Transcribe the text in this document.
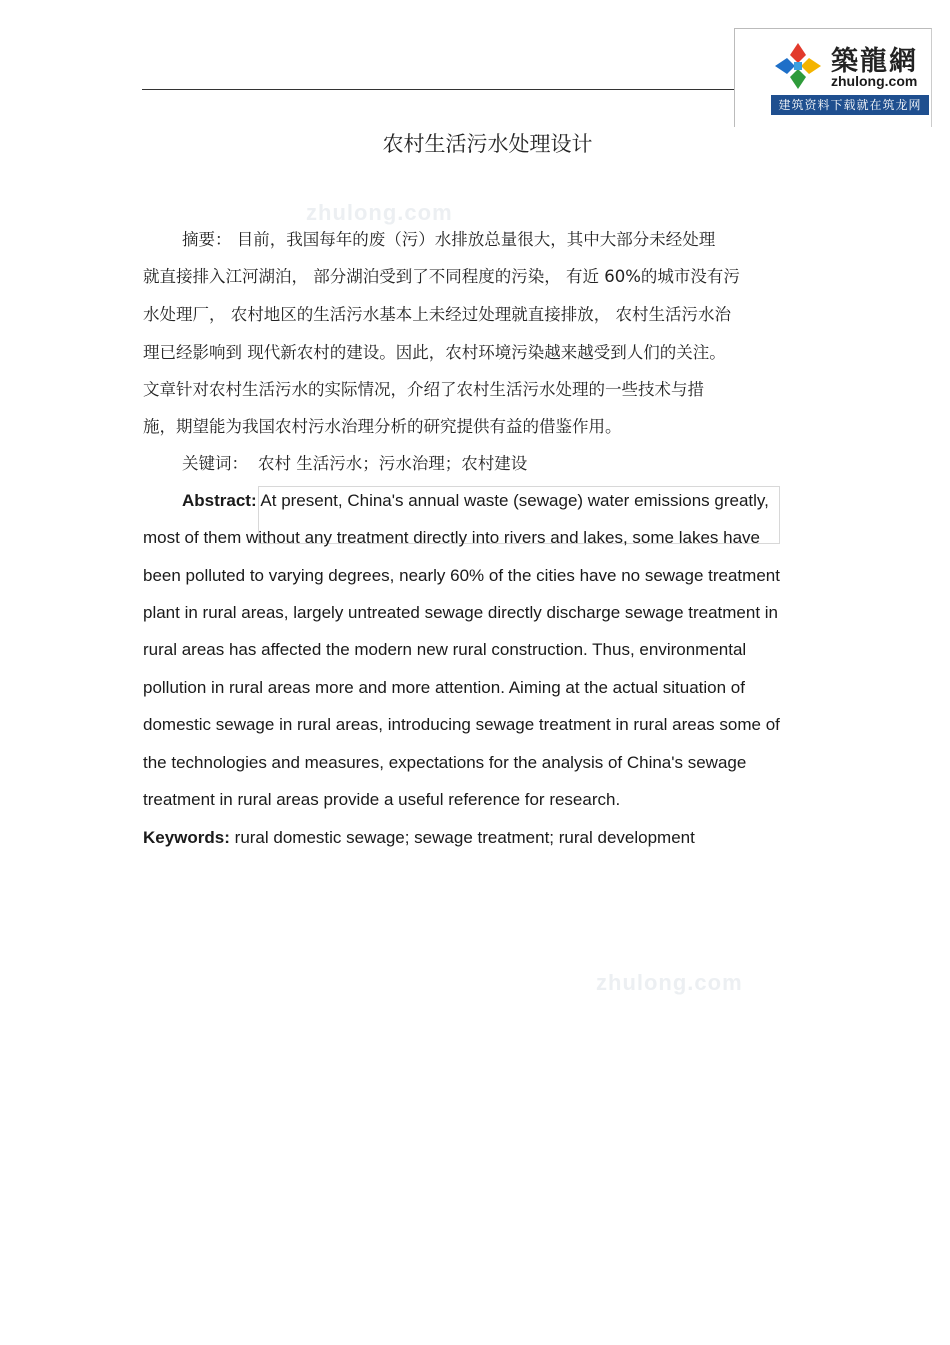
築龍網
zhulong.com
建筑资料下载就在筑龙网
zhulong.com
zhulong.com
农村生活污水处理设计
摘要： 目前，我国每年的废（污）水排放总量很大，其中大部分未经处理
就直接排入江河湖泊， 部分湖泊受到了不同程度的污染， 有近 60%的城市没有污
水处理厂， 农村地区的生活污水基本上未经过处理就直接排放， 农村生活污水治
理已经影响到 现代新农村的建设。因此，农村环境污染越来越受到人们的关注。
文章针对农村生活污水的实际情况，介绍了农村生活污水处理的一些技术与措
施，期望能为我国农村污水治理分析的研究提供有益的借鉴作用。
关键词： 农村 生活污水；污水治理；农村建设
Abstract: At present, China's annual waste (sewage) water emissions greatly,
most of them without any treatment directly into rivers and lakes, some lakes have
been polluted to varying degrees, nearly 60% of the cities have no sewage treatment
plant in rural areas, largely untreated sewage directly discharge sewage treatment in
rural areas has affected the modern new rural construction. Thus, environmental
pollution in rural areas more and more attention. Aiming at the actual situation of
domestic sewage in rural areas, introducing sewage treatment in rural areas some of
the technologies and measures, expectations for the analysis of China's sewage
treatment in rural areas provide a useful reference for research.
Keywords: rural domestic sewage; sewage treatment; rural development
